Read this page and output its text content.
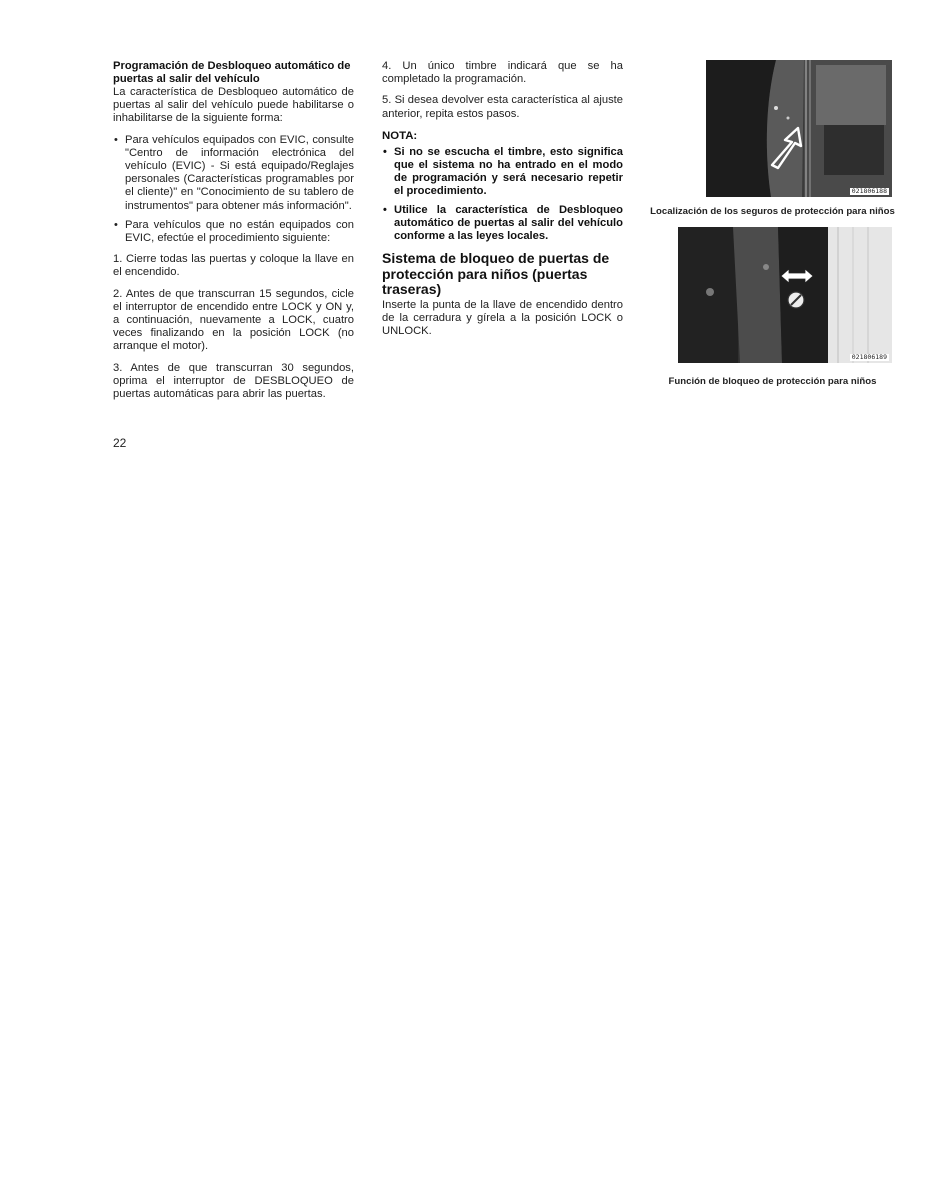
Programación de Desbloqueo automático de puertas al salir del vehículo

La característica de Desbloqueo automático de puertas al salir del vehículo puede habilitarse o inhabilitarse de la siguiente forma:

• Para vehículos equipados con EVIC, consulte "Centro de información electrónica del vehículo (EVIC) - Si está equipado/Reglajes personales (Características programables por el cliente)" en "Conocimiento de su tablero de instrumentos" para obtener más información".
• Para vehículos que no están equipados con EVIC, efectúe el procedimiento siguiente:

1. Cierre todas las puertas y coloque la llave en el encendido.

2. Antes de que transcurran 15 segundos, cicle el interruptor de encendido entre LOCK y ON y, a continuación, nuevamente a LOCK, cuatro veces finalizando en la posición LOCK (no arranque el motor).

3. Antes de que transcurran 30 segundos, oprima el interruptor de DESBLOQUEO de puertas automáticas para abrir las puertas.

4. Un único timbre indicará que se ha completado la programación.

5. Si desea devolver esta característica al ajuste anterior, repita estos pasos.

NOTA:

• Si no se escucha el timbre, esto significa que el sistema no ha entrado en el modo de programación y será necesario repetir el procedimiento.
• Utilice la característica de Desbloqueo automático de puertas al salir del vehículo conforme a las leyes locales.

Sistema de bloqueo de puertas de protección para niños (puertas traseras)

Inserte la punta de la llave de encendido dentro de la cerradura y gírela a la posición LOCK o UNLOCK.

021806188

Localización de los seguros de protección para niños

021806189

Función de bloqueo de protección para niños

22
